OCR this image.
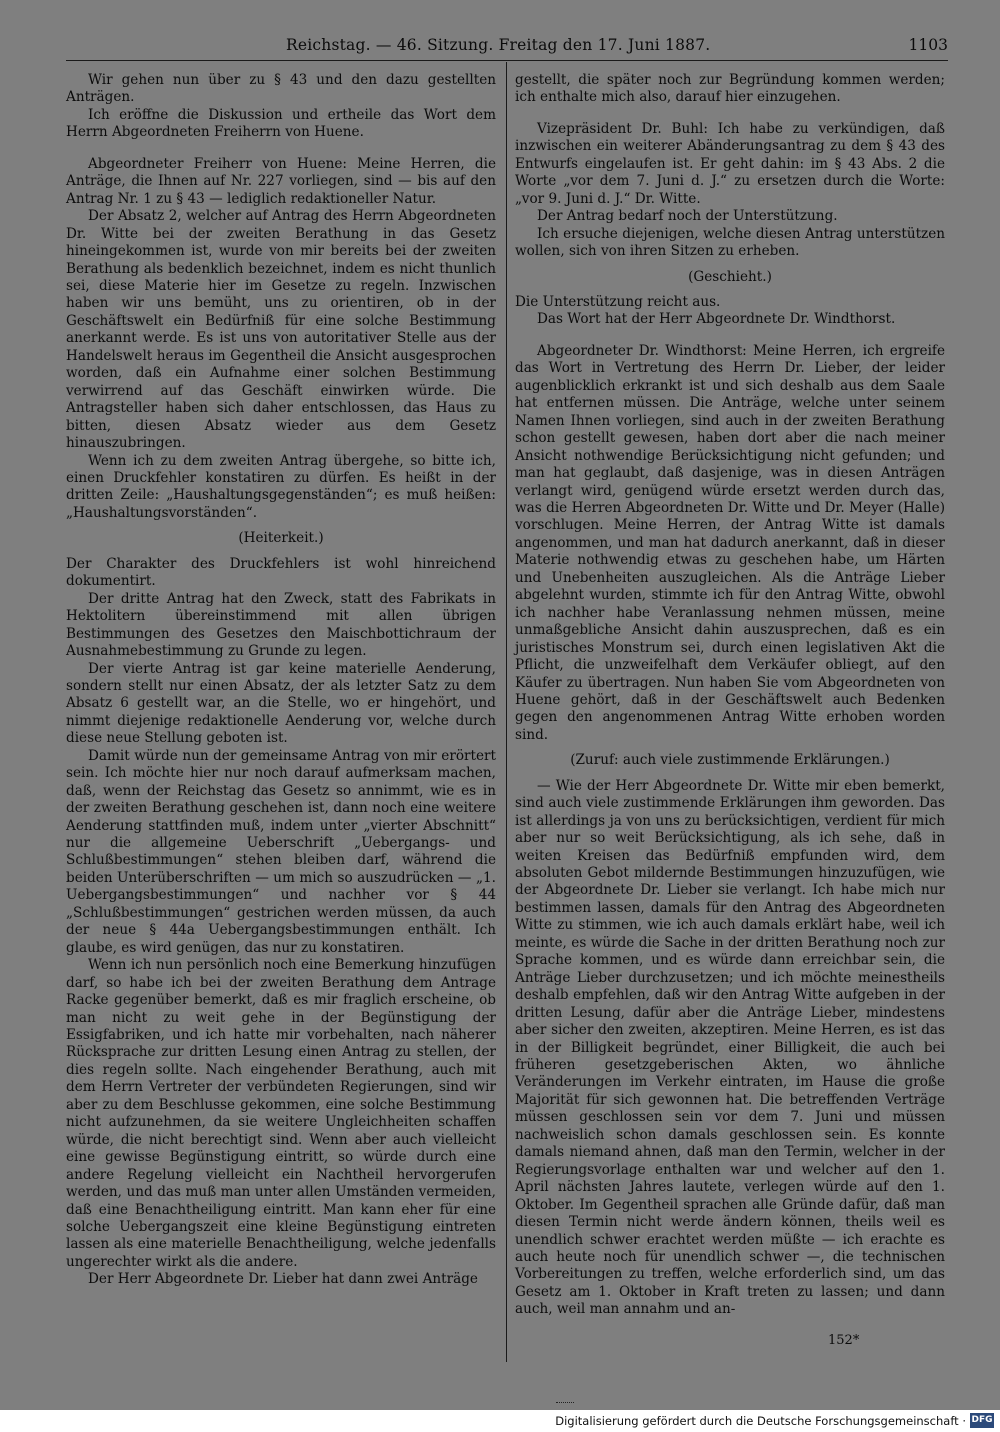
Reichstag. — 46. Sitzung. Freitag den 17. Juni 1887.	1103

Wir gehen nun über zu § 43 und den dazu gestellten Anträgen.

Ich eröffne die Diskussion und ertheile das Wort dem Herrn Abgeordneten Freiherrn von Huene.

Abgeordneter Freiherr von Huene: Meine Herren, die Anträge, die Ihnen auf Nr. 227 vorliegen, sind — bis auf den Antrag Nr. 1 zu § 43 — lediglich redaktioneller Natur.

Der Absatz 2, welcher auf Antrag des Herrn Abgeordneten Dr. Witte bei der zweiten Berathung in das Gesetz hineingekommen ist, wurde von mir bereits bei der zweiten Berathung als bedenklich bezeichnet, indem es nicht thunlich sei, diese Materie hier im Gesetze zu regeln. Inzwischen haben wir uns bemüht, uns zu orientiren, ob in der Geschäftswelt ein Bedürfniß für eine solche Bestimmung anerkannt werde. Es ist uns von autoritativer Stelle aus der Handelswelt heraus im Gegentheil die Ansicht ausgesprochen worden, daß ein Aufnahme einer solchen Bestimmung verwirrend auf das Geschäft einwirken würde. Die Antragsteller haben sich daher entschlossen, das Haus zu bitten, diesen Absatz wieder aus dem Gesetz hinauszubringen.

Wenn ich zu dem zweiten Antrag übergehe, so bitte ich, einen Druckfehler konstatiren zu dürfen. Es heißt in der dritten Zeile: „Haushaltungsgegenständen“; es muß heißen: „Haushaltungsvorständen“.

(Heiterkeit.)

Der Charakter des Druckfehlers ist wohl hinreichend dokumentirt.

Der dritte Antrag hat den Zweck, statt des Fabrikats in Hektolitern übereinstimmend mit allen übrigen Bestimmungen des Gesetzes den Maischbottichraum der Ausnahmebestimmung zu Grunde zu legen.

Der vierte Antrag ist gar keine materielle Aenderung, sondern stellt nur einen Absatz, der als letzter Satz zu dem Absatz 6 gestellt war, an die Stelle, wo er hingehört, und nimmt diejenige redaktionelle Aenderung vor, welche durch diese neue Stellung geboten ist.

Damit würde nun der gemeinsame Antrag von mir erörtert sein. Ich möchte hier nur noch darauf aufmerksam machen, daß, wenn der Reichstag das Gesetz so annimmt, wie es in der zweiten Berathung geschehen ist, dann noch eine weitere Aenderung stattfinden muß, indem unter „vierter Abschnitt“ nur die allgemeine Ueberschrift „Uebergangs- und Schlußbestimmungen“ stehen bleiben darf, während die beiden Unterüberschriften — um mich so auszudrücken — „1. Uebergangsbestimmungen“ und nachher vor § 44 „Schlußbestimmungen“ gestrichen werden müssen, da auch der neue § 44a Uebergangsbestimmungen enthält. Ich glaube, es wird genügen, das nur zu konstatiren.

Wenn ich nun persönlich noch eine Bemerkung hinzufügen darf, so habe ich bei der zweiten Berathung dem Antrage Racke gegenüber bemerkt, daß es mir fraglich erscheine, ob man nicht zu weit gehe in der Begünstigung der Essigfabriken, und ich hatte mir vorbehalten, nach näherer Rücksprache zur dritten Lesung einen Antrag zu stellen, der dies regeln sollte. Nach eingehender Berathung, auch mit dem Herrn Vertreter der verbündeten Regierungen, sind wir aber zu dem Beschlusse gekommen, eine solche Bestimmung nicht aufzunehmen, da sie weitere Ungleichheiten schaffen würde, die nicht berechtigt sind. Wenn aber auch vielleicht eine gewisse Begünstigung eintritt, so würde durch eine andere Regelung vielleicht ein Nachtheil hervorgerufen werden, und das muß man unter allen Umständen vermeiden, daß eine Benachtheiligung eintritt. Man kann eher für eine solche Uebergangszeit eine kleine Begünstigung eintreten lassen als eine materielle Benachtheiligung, welche jedenfalls ungerechter wirkt als die andere.

Der Herr Abgeordnete Dr. Lieber hat dann zwei Anträge

gestellt, die später noch zur Begründung kommen werden; ich enthalte mich also, darauf hier einzugehen.

Vizepräsident Dr. Buhl: Ich habe zu verkündigen, daß inzwischen ein weiterer Abänderungsantrag zu dem § 43 des Entwurfs eingelaufen ist. Er geht dahin: im § 43 Abs. 2 die Worte „vor dem 7. Juni d. J.“ zu ersetzen durch die Worte: „vor 9. Juni d. J.“ Dr. Witte.

Der Antrag bedarf noch der Unterstützung.

Ich ersuche diejenigen, welche diesen Antrag unterstützen wollen, sich von ihren Sitzen zu erheben.

(Geschieht.)

Die Unterstützung reicht aus.

Das Wort hat der Herr Abgeordnete Dr. Windthorst.

Abgeordneter Dr. Windthorst: Meine Herren, ich ergreife das Wort in Vertretung des Herrn Dr. Lieber, der leider augenblicklich erkrankt ist und sich deshalb aus dem Saale hat entfernen müssen. Die Anträge, welche unter seinem Namen Ihnen vorliegen, sind auch in der zweiten Berathung schon gestellt gewesen, haben dort aber die nach meiner Ansicht nothwendige Berücksichtigung nicht gefunden; und man hat geglaubt, daß dasjenige, was in diesen Anträgen verlangt wird, genügend würde ersetzt werden durch das, was die Herren Abgeordneten Dr. Witte und Dr. Meyer (Halle) vorschlugen. Meine Herren, der Antrag Witte ist damals angenommen, und man hat dadurch anerkannt, daß in dieser Materie nothwendig etwas zu geschehen habe, um Härten und Unebenheiten auszugleichen. Als die Anträge Lieber abgelehnt wurden, stimmte ich für den Antrag Witte, obwohl ich nachher habe Veranlassung nehmen müssen, meine unmaßgebliche Ansicht dahin auszusprechen, daß es ein juristisches Monstrum sei, durch einen legislativen Akt die Pflicht, die unzweifelhaft dem Verkäufer obliegt, auf den Käufer zu übertragen. Nun haben Sie vom Abgeordneten von Huene gehört, daß in der Geschäftswelt auch Bedenken gegen den angenommenen Antrag Witte erhoben worden sind.

(Zuruf: auch viele zustimmende Erklärungen.)

— Wie der Herr Abgeordnete Dr. Witte mir eben bemerkt, sind auch viele zustimmende Erklärungen ihm geworden. Das ist allerdings ja von uns zu berücksichtigen, verdient für mich aber nur so weit Berücksichtigung, als ich sehe, daß in weiten Kreisen das Bedürfniß empfunden wird, dem absoluten Gebot mildernde Bestimmungen hinzuzufügen, wie der Abgeordnete Dr. Lieber sie verlangt. Ich habe mich nur bestimmen lassen, damals für den Antrag des Abgeordneten Witte zu stimmen, wie ich auch damals erklärt habe, weil ich meinte, es würde die Sache in der dritten Berathung noch zur Sprache kommen, und es würde dann erreichbar sein, die Anträge Lieber durchzusetzen; und ich möchte meinestheils deshalb empfehlen, daß wir den Antrag Witte aufgeben in der dritten Lesung, dafür aber die Anträge Lieber, mindestens aber sicher den zweiten, akzeptiren. Meine Herren, es ist das in der Billigkeit begründet, einer Billigkeit, die auch bei früheren gesetzgeberischen Akten, wo ähnliche Veränderungen im Verkehr eintraten, im Hause die große Majorität für sich gewonnen hat. Die betreffenden Verträge müssen geschlossen sein vor dem 7. Juni und müssen nachweislich schon damals geschlossen sein. Es konnte damals niemand ahnen, daß man den Termin, welcher in der Regierungsvorlage enthalten war und welcher auf den 1. April nächsten Jahres lautete, verlegen würde auf den 1. Oktober. Im Gegentheil sprachen alle Gründe dafür, daß man diesen Termin nicht werde ändern können, theils weil es unendlich schwer erachtet werden müßte — ich erachte es auch heute noch für unendlich schwer —, die technischen Vorbereitungen zu treffen, welche erforderlich sind, um das Gesetz am 1. Oktober in Kraft treten zu lassen; und dann auch, weil man annahm und an-

152*
Digitalisierung gefördert durch die Deutsche Forschungsgemeinschaft · DFG
